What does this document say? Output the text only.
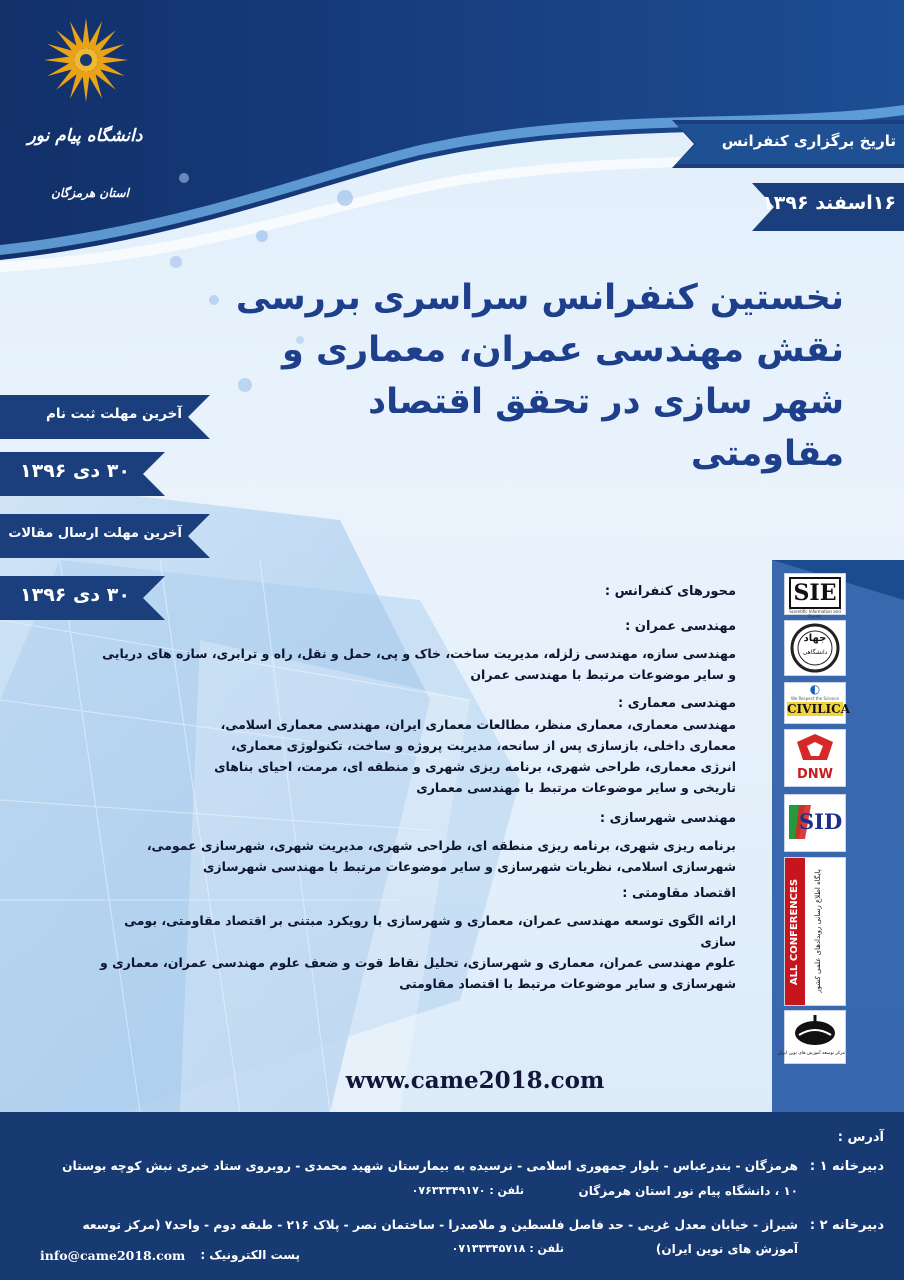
دانشگاه پیام نور
استان هرمزگان
تاریخ برگزاری کنفرانس
۱۶اسفند ۱۳۹۶
نخستین کنفرانس سراسری بررسی
نقش مهندسی عمران، معماری و
شهر سازی در تحقق اقتصاد
مقاومتی
آخرین مهلت ثبت نام
۳۰ دی ۱۳۹۶
آخرین مهلت ارسال مقالات
۳۰ دی ۱۳۹۶	محورهای کنفرانس :
مهندسی عمران :
مهندسی سازه، مهندسی زلزله، مدیریت ساخت، خاک و پی، حمل و نقل، راه و ترابری، سازه های دریایی
و سایر موضوعات مرتبط با مهندسی عمران
مهندسی معماری :
مهندسی معماری، معماری منظر، مطالعات معماری ایران، مهندسی معماری اسلامی،
معماری داخلی، بازسازی پس از سانحه، مدیریت پروژه و ساخت، تکنولوژی معماری،
انرژی معماری، طراحی شهری، برنامه ریزی شهری و منطقه ای، مرمت، احیای بناهای
تاریخی و سایر موضوعات مرتبط با مهندسی معماری
مهندسی شهرسازی :
برنامه ریزی شهری، برنامه ریزی منطقه ای، طراحی شهری، مدیریت شهری، شهرسازی عمومی،
شهرسازی اسلامی، نظریات شهرسازی و سایر موضوعات مرتبط با مهندسی شهرسازی
اقتصاد مقاومتی :
ارائه الگوی توسعه مهندسی عمران، معماری و شهرسازی با رویکرد مبتنی بر اقتصاد مقاومتی، بومی سازی
علوم مهندسی عمران، معماری و شهرسازی، تحلیل نقاط قوت و ضعف علوم مهندسی عمران، معماری و
شهرسازی و سایر موضوعات مرتبط با اقتصاد مقاومتی
SIE
Scientific Information and Events
جهاد
دانشگاهی
◐
We Respect the Science
CIVILICA
DNW
SID
ALL CONFERENCES	پایگاه اطلاع رسانی رویدادهای علمی کشور
مرکز توسعه آموزش های نوین ایران
www.came2018.com
آدرس :
دبیرخانه ۱ :
هرمزگان - بندرعباس - بلوار جمهوری اسلامی - نرسیده به بیمارستان شهید محمدی - روبروی ستاد خبری نبش کوچه بوستان
۱۰ ، دانشگاه پیام نور استان هرمزگان
تلفن : ۰۷۶۳۳۳۴۹۱۷۰
دبیرخانه ۲ :
شیراز - خیابان معدل غربی - حد فاصل فلسطین و ملاصدرا - ساختمان نصر - پلاک ۲۱۶ - طبقه دوم - واحد۷ (مرکز توسعه
آموزش های نوین ایران)
تلفن : ۰۷۱۳۳۳۴۵۷۱۸
پست الکترونیک :
info@came2018.com
